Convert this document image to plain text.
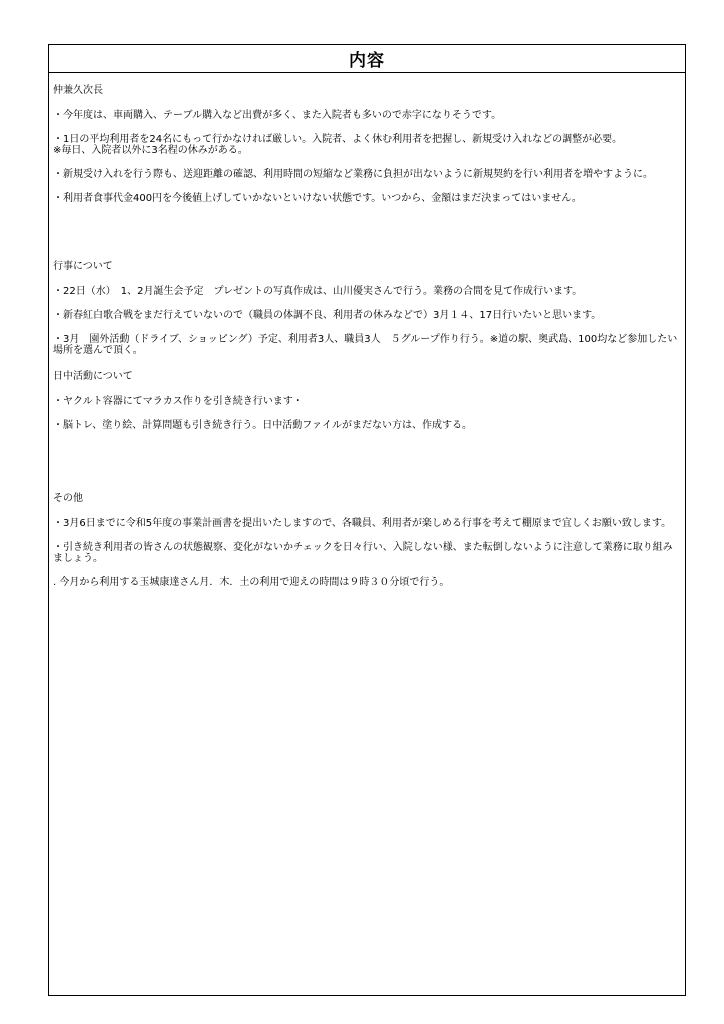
内容
仲兼久次長
・今年度は、車両購入、テーブル購入など出費が多く、また入院者も多いので赤字になりそうです。
・1日の平均利用者を24名にもって行かなければ厳しい。入院者、よく休む利用者を把握し、新規受け入れなどの調整が必要。
※毎日、入院者以外に3名程の休みがある。
・新規受け入れを行う際も、送迎距離の確認、利用時間の短縮など業務に負担が出ないように新規契約を行い利用者を増やすように。
・利用者食事代金400円を今後値上げしていかないといけない状態です。いつから、金額はまだ決まってはいません。
行事について
・22日（水）　1、2月誕生会予定　プレゼントの写真作成は、山川優実さんで行う。業務の合間を見て作成行います。
・新春紅白歌合戦をまだ行えていないので（職員の体調不良、利用者の休みなどで）3月１４、17日行いたいと思います。
・3月　園外活動（ドライブ、ショッピング）予定、利用者3人、職員3人　５グループ作り行う。※道の駅、奥武島、100均など参加したい場所を選んで頂く。
日中活動について
・ヤクルト容器にてマラカス作りを引き続き行います・
・脳トレ、塗り絵、計算問題も引き続き行う。日中活動ファイルがまだない方は、作成する。
その他
・3月6日までに令和5年度の事業計画書を提出いたしますので、各職員、利用者が楽しめる行事を考えて棚原まで宜しくお願い致します。
・引き続き利用者の皆さんの状態観察、変化がないかチェックを日々行い、入院しない様、また転倒しないように注意して業務に取り組みましょう。
. 今月から利用する玉城康達さん月．木．土の利用で迎えの時間は９時３０分頃で行う。
